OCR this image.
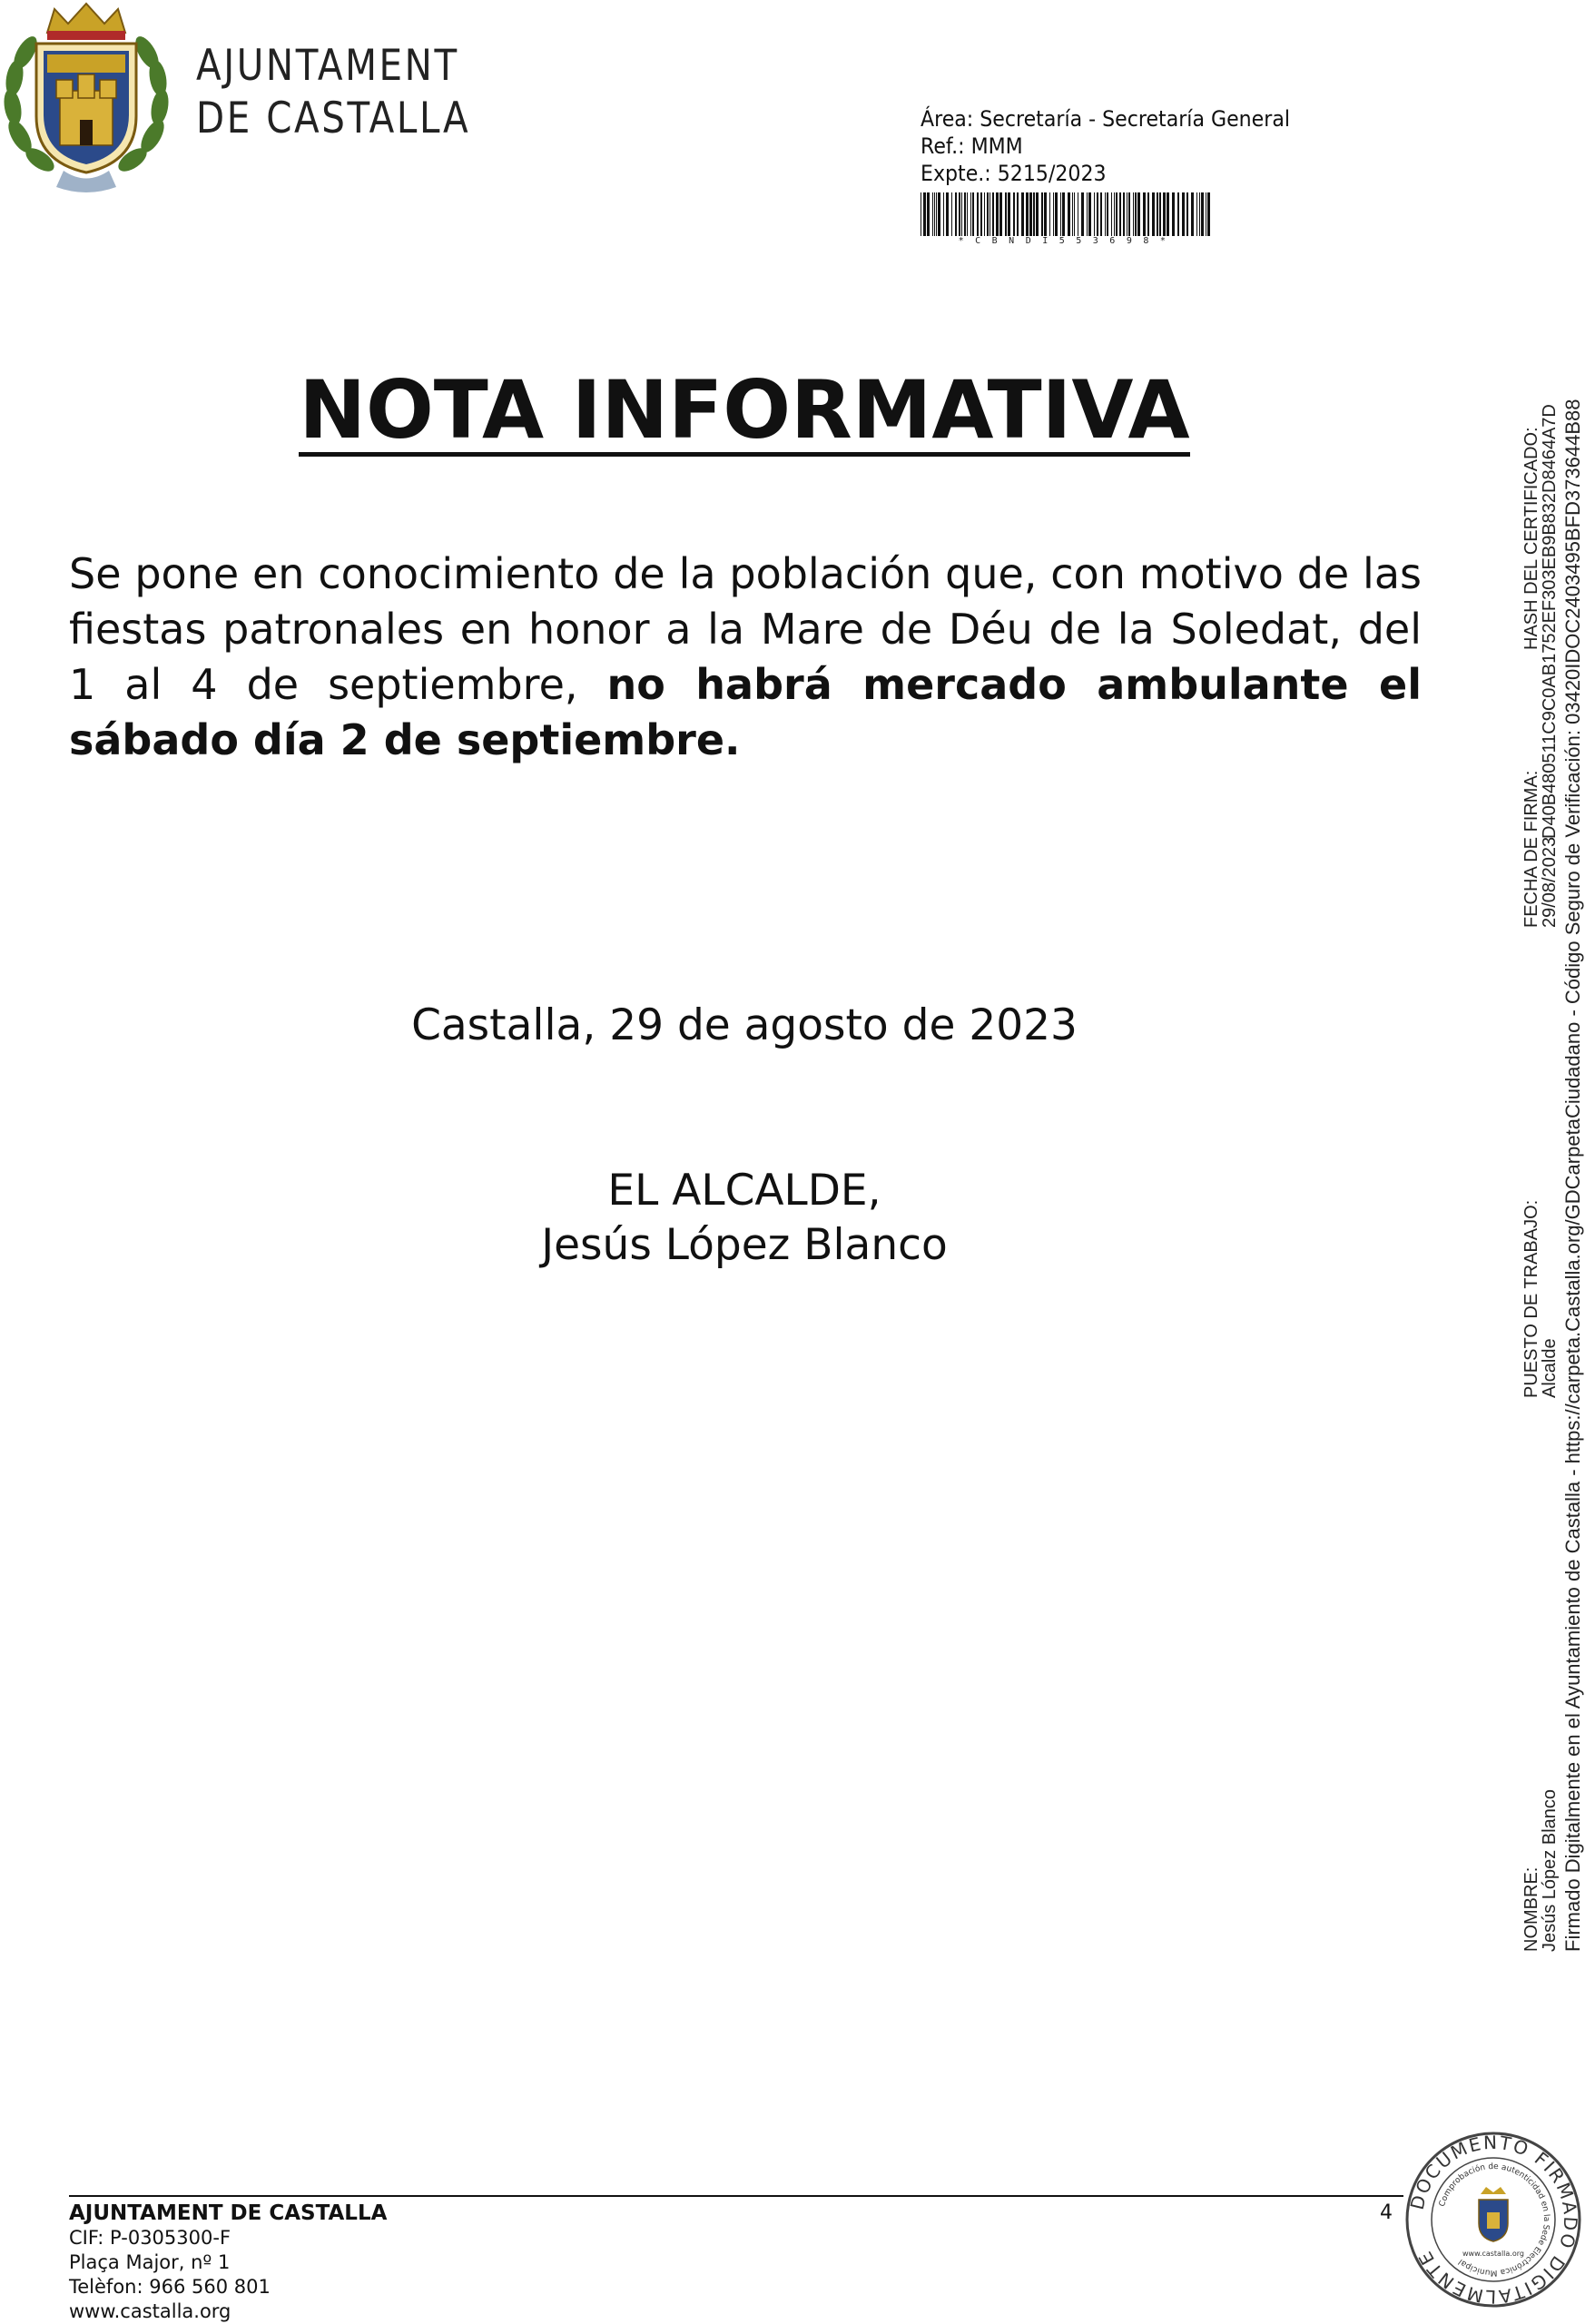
AJUNTAMENT
DE CASTALLA	Área: Secretaría - Secretaría General
Ref.: MMM
Expte.: 5215/2023
*CBNDI553698*
NOTA INFORMATIVA
Se pone en conocimiento de la población que, con motivo de las fiestas patronales en honor a la Mare de Déu de la Soledat, del 1 al 4 de septiembre, no habrá mercado ambulante el sábado día 2 de septiembre.
Castalla, 29 de agosto de 2023
EL ALCALDE,
Jesús López Blanco
NOMBRE:
PUESTO DE TRABAJO:
FECHA DE FIRMA:
HASH DEL CERTIFICADO:
Jesús López Blanco
Alcalde
29/08/2023
D40B480511C9C0AB1752EF303EB9B832D8464A7D Firmado Digitalmente en el Ayuntamiento de Castalla - https://carpeta.Castalla.org/GDCarpetaCiudadano - Código Seguro de Verificación: 03420IDOC2403495BFD373644B88
AJUNTAMENT DE CASTALLA
CIF: P-0305300-F
Plaça Major, nº 1
Telèfon: 966 560 801
www.castalla.org
4 DOCUMENTO FIRMADO DIGITALMENTE
Comprobación de autenticidad en la Sede Electrónica Municipal
www.castalla.org
